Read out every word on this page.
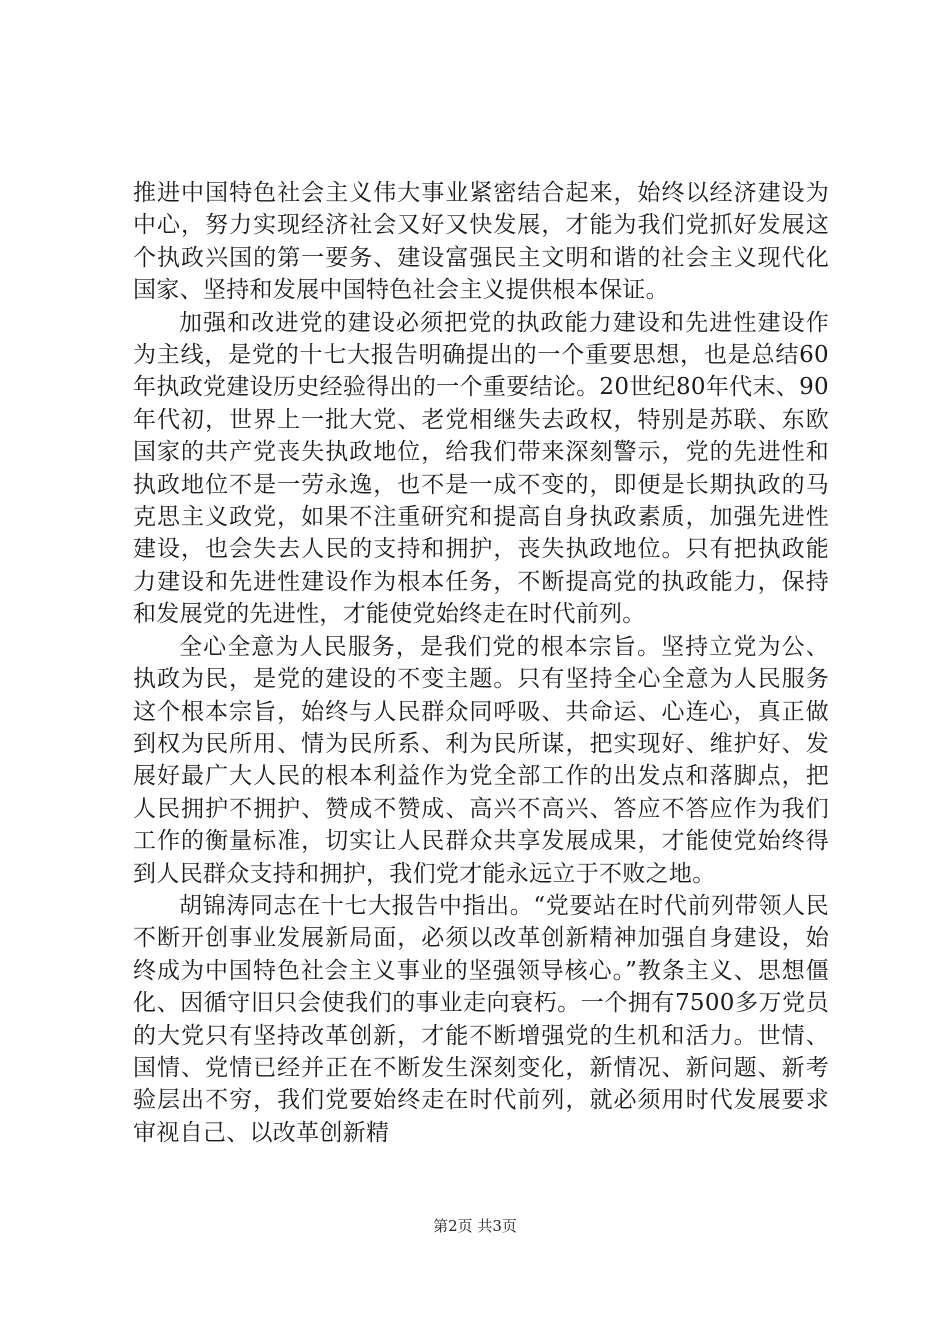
推进中国特色社会主义伟大事业紧密结合起来，始终以经济建设为中心，努力实现经济社会又好又快发展，才能为我们党抓好发展这个执政兴国的第一要务、建设富强民主文明和谐的社会主义现代化国家、坚持和发展中国特色社会主义提供根本保证。

加强和改进党的建设必须把党的执政能力建设和先进性建设作为主线，是党的十七大报告明确提出的一个重要思想，也是总结60年执政党建设历史经验得出的一个重要结论。20世纪80年代末、90年代初，世界上一批大党、老党相继失去政权，特别是苏联、东欧国家的共产党丧失执政地位，给我们带来深刻警示，党的先进性和执政地位不是一劳永逸，也不是一成不变的，即便是长期执政的马克思主义政党，如果不注重研究和提高自身执政素质，加强先进性建设，也会失去人民的支持和拥护，丧失执政地位。只有把执政能力建设和先进性建设作为根本任务，不断提高党的执政能力，保持和发展党的先进性，才能使党始终走在时代前列。

全心全意为人民服务，是我们党的根本宗旨。坚持立党为公、执政为民，是党的建设的不变主题。只有坚持全心全意为人民服务这个根本宗旨，始终与人民群众同呼吸、共命运、心连心，真正做到权为民所用、情为民所系、利为民所谋，把实现好、维护好、发展好最广大人民的根本利益作为党全部工作的出发点和落脚点，把人民拥护不拥护、赞成不赞成、高兴不高兴、答应不答应作为我们工作的衡量标准，切实让人民群众共享发展成果，才能使党始终得到人民群众支持和拥护，我们党才能永远立于不败之地。

胡锦涛同志在十七大报告中指出。“党要站在时代前列带领人民不断开创事业发展新局面，必须以改革创新精神加强自身建设，始终成为中国特色社会主义事业的坚强领导核心。”教条主义、思想僵化、因循守旧只会使我们的事业走向衰朽。一个拥有7500多万党员的大党只有坚持改革创新，才能不断增强党的生机和活力。世情、国情、党情已经并正在不断发生深刻变化，新情况、新问题、新考验层出不穷，我们党要始终走在时代前列，就必须用时代发展要求审视自己、以改革创新精

第2页 共3页
